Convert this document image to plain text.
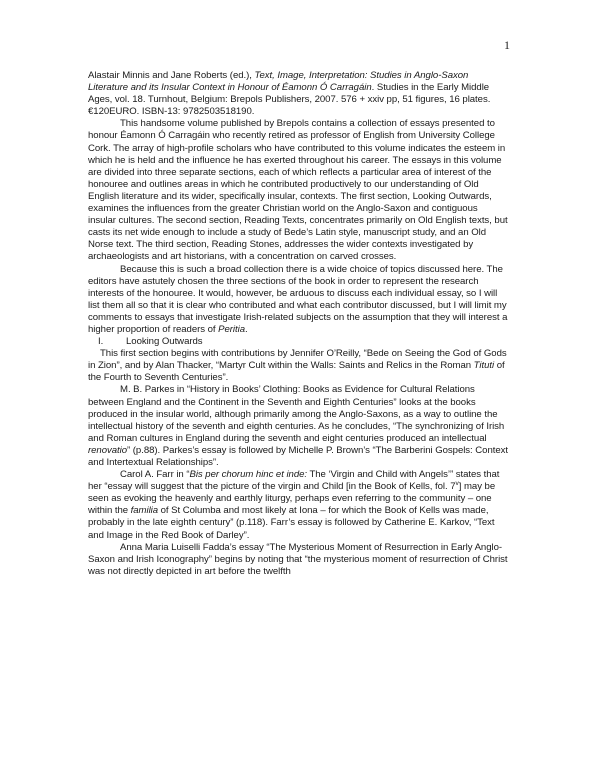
1

Alastair Minnis and Jane Roberts (ed.), Text, Image, Interpretation: Studies in Anglo-Saxon Literature and its Insular Context in Honour of Éamonn Ó Carragáin. Studies in the Early Middle Ages, vol. 18. Turnhout, Belgium: Brepols Publishers, 2007. 576 + xxiv pp, 51 figures, 16 plates. €120EURO. ISBN-13: 9782503518190.

This handsome volume published by Brepols contains a collection of essays presented to honour Éamonn Ó Carragáin who recently retired as professor of English from University College Cork. The array of high-profile scholars who have contributed to this volume indicates the esteem in which he is held and the influence he has exerted throughout his career. The essays in this volume are divided into three separate sections, each of which reflects a particular area of interest of the honouree and outlines areas in which he contributed productively to our understanding of Old English literature and its wider, specifically insular, contexts. The first section, Looking Outwards, examines the influences from the greater Christian world on the Anglo-Saxon and contiguous insular cultures. The second section, Reading Texts, concentrates primarily on Old English texts, but casts its net wide enough to include a study of Bede’s Latin style, manuscript study, and an Old Norse text. The third section, Reading Stones, addresses the wider contexts investigated by archaeologists and art historians, with a concentration on carved crosses.

Because this is such a broad collection there is a wide choice of topics discussed here. The editors have astutely chosen the three sections of the book in order to represent the research interests of the honouree. It would, however, be arduous to discuss each individual essay, so I will list them all so that it is clear who contributed and what each contributor discussed, but I will limit my comments to essays that investigate Irish-related subjects on the assumption that they will interest a higher proportion of readers of Peritia.

I. Looking Outwards

This first section begins with contributions by Jennifer O’Reilly, “Bede on Seeing the God of Gods in Zion”, and by Alan Thacker, “Martyr Cult within the Walls: Saints and Relics in the Roman Tituti of the Fourth to Seventh Centuries”.

M. B. Parkes in “History in Books’ Clothing: Books as Evidence for Cultural Relations between England and the Continent in the Seventh and Eighth Centuries” looks at the books produced in the insular world, although primarily among the Anglo-Saxons, as a way to outline the intellectual history of the seventh and eighth centuries. As he concludes, “The synchronizing of Irish and Roman cultures in England during the seventh and eight centuries produced an intellectual renovatio” (p.88). Parkes’s essay is followed by Michelle P. Brown’s “The Barberini Gospels: Context and Intertextual Relationships”.

Carol A. Farr in “Bis per chorum hinc et inde: The ‘Virgin and Child with Angels’” states that her “essay will suggest that the picture of the virgin and Child [in the Book of Kells, fol. 7$^v$] may be seen as evoking the heavenly and earthly liturgy, perhaps even referring to the community – one within the familia of St Columba and most likely at Iona – for which the Book of Kells was made, probably in the late eighth century” (p.118). Farr’s essay is followed by Catherine E. Karkov, “Text and Image in the Red Book of Darley”.

Anna Maria Luiselli Fadda’s essay “The Mysterious Moment of Resurrection in Early Anglo-Saxon and Irish Iconography” begins by noting that “the mysterious moment of resurrection of Christ was not directly depicted in art before the twelfth
